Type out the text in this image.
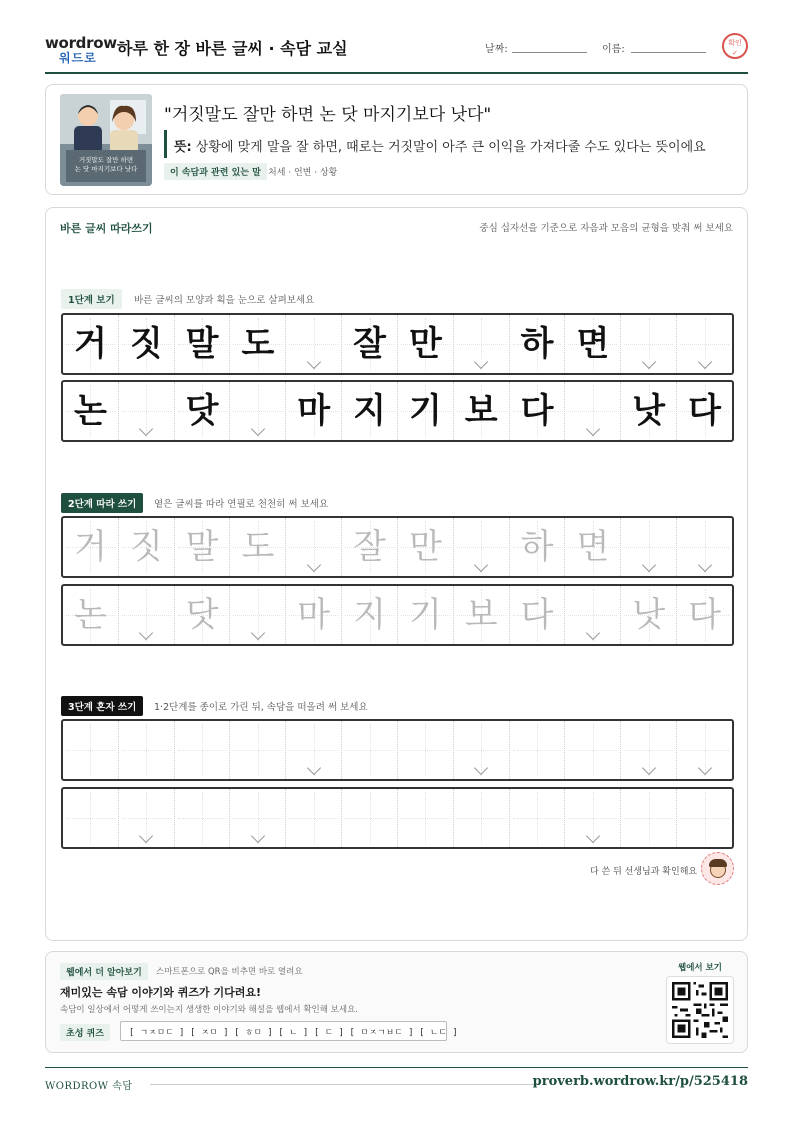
wordrow
워드로 하루 한 장 바른 글씨 · 속담 교실	날짜:	이름:
확인
✓
거짓말도 잘만 하면
논 닷 마지기보다 낫다
"거짓말도 잘만 하면 논 닷 마지기보다 낫다"
뜻: 상황에 맞게 말을 잘 하면, 때로는 거짓말이 아주 큰 이익을 가져다줄 수도 있다는 뜻이에요
이 속담과 관련 있는 말 처세 · 언변 · 상황
바른 글씨 따라쓰기	중심 십자선을 기준으로 자음과 모음의 균형을 맞춰 써 보세요
1단계 보기	바른 글씨의 모양과 획을 눈으로 살펴보세요
거 짓 말 도 잘 만 하 면
논 닷 마 지 기 보 다 낫 다
2단계 따라 쓰기	옅은 글씨를 따라 연필로 천천히 써 보세요
거 짓 말 도 잘 만 하 면
논 닷 마 지 기 보 다 낫 다
3단계 혼자 쓰기	1·2단계를 종이로 가린 뒤, 속담을 떠올려 써 보세요
다 쓴 뒤 선생님과 확인해요
웹에서 더 알아보기	스마트폰으로 QR을 비추면 바로 열려요
재미있는 속담 이야기와 퀴즈가 기다려요!
속담이 일상에서 어떻게 쓰이는지 생생한 이야기와 해설을 웹에서 확인해 보세요.
초성 퀴즈	[ ㄱㅈㅁㄷ ] [ ㅈㅁ ] [ ㅎㅁ ] [ ㄴ ] [ ㄷ ] [ ㅁㅈㄱㅂㄷ ] [ ㄴㄷ ]
웹에서 보기
WORDROW 속담	proverb.wordrow.kr/p/525418
